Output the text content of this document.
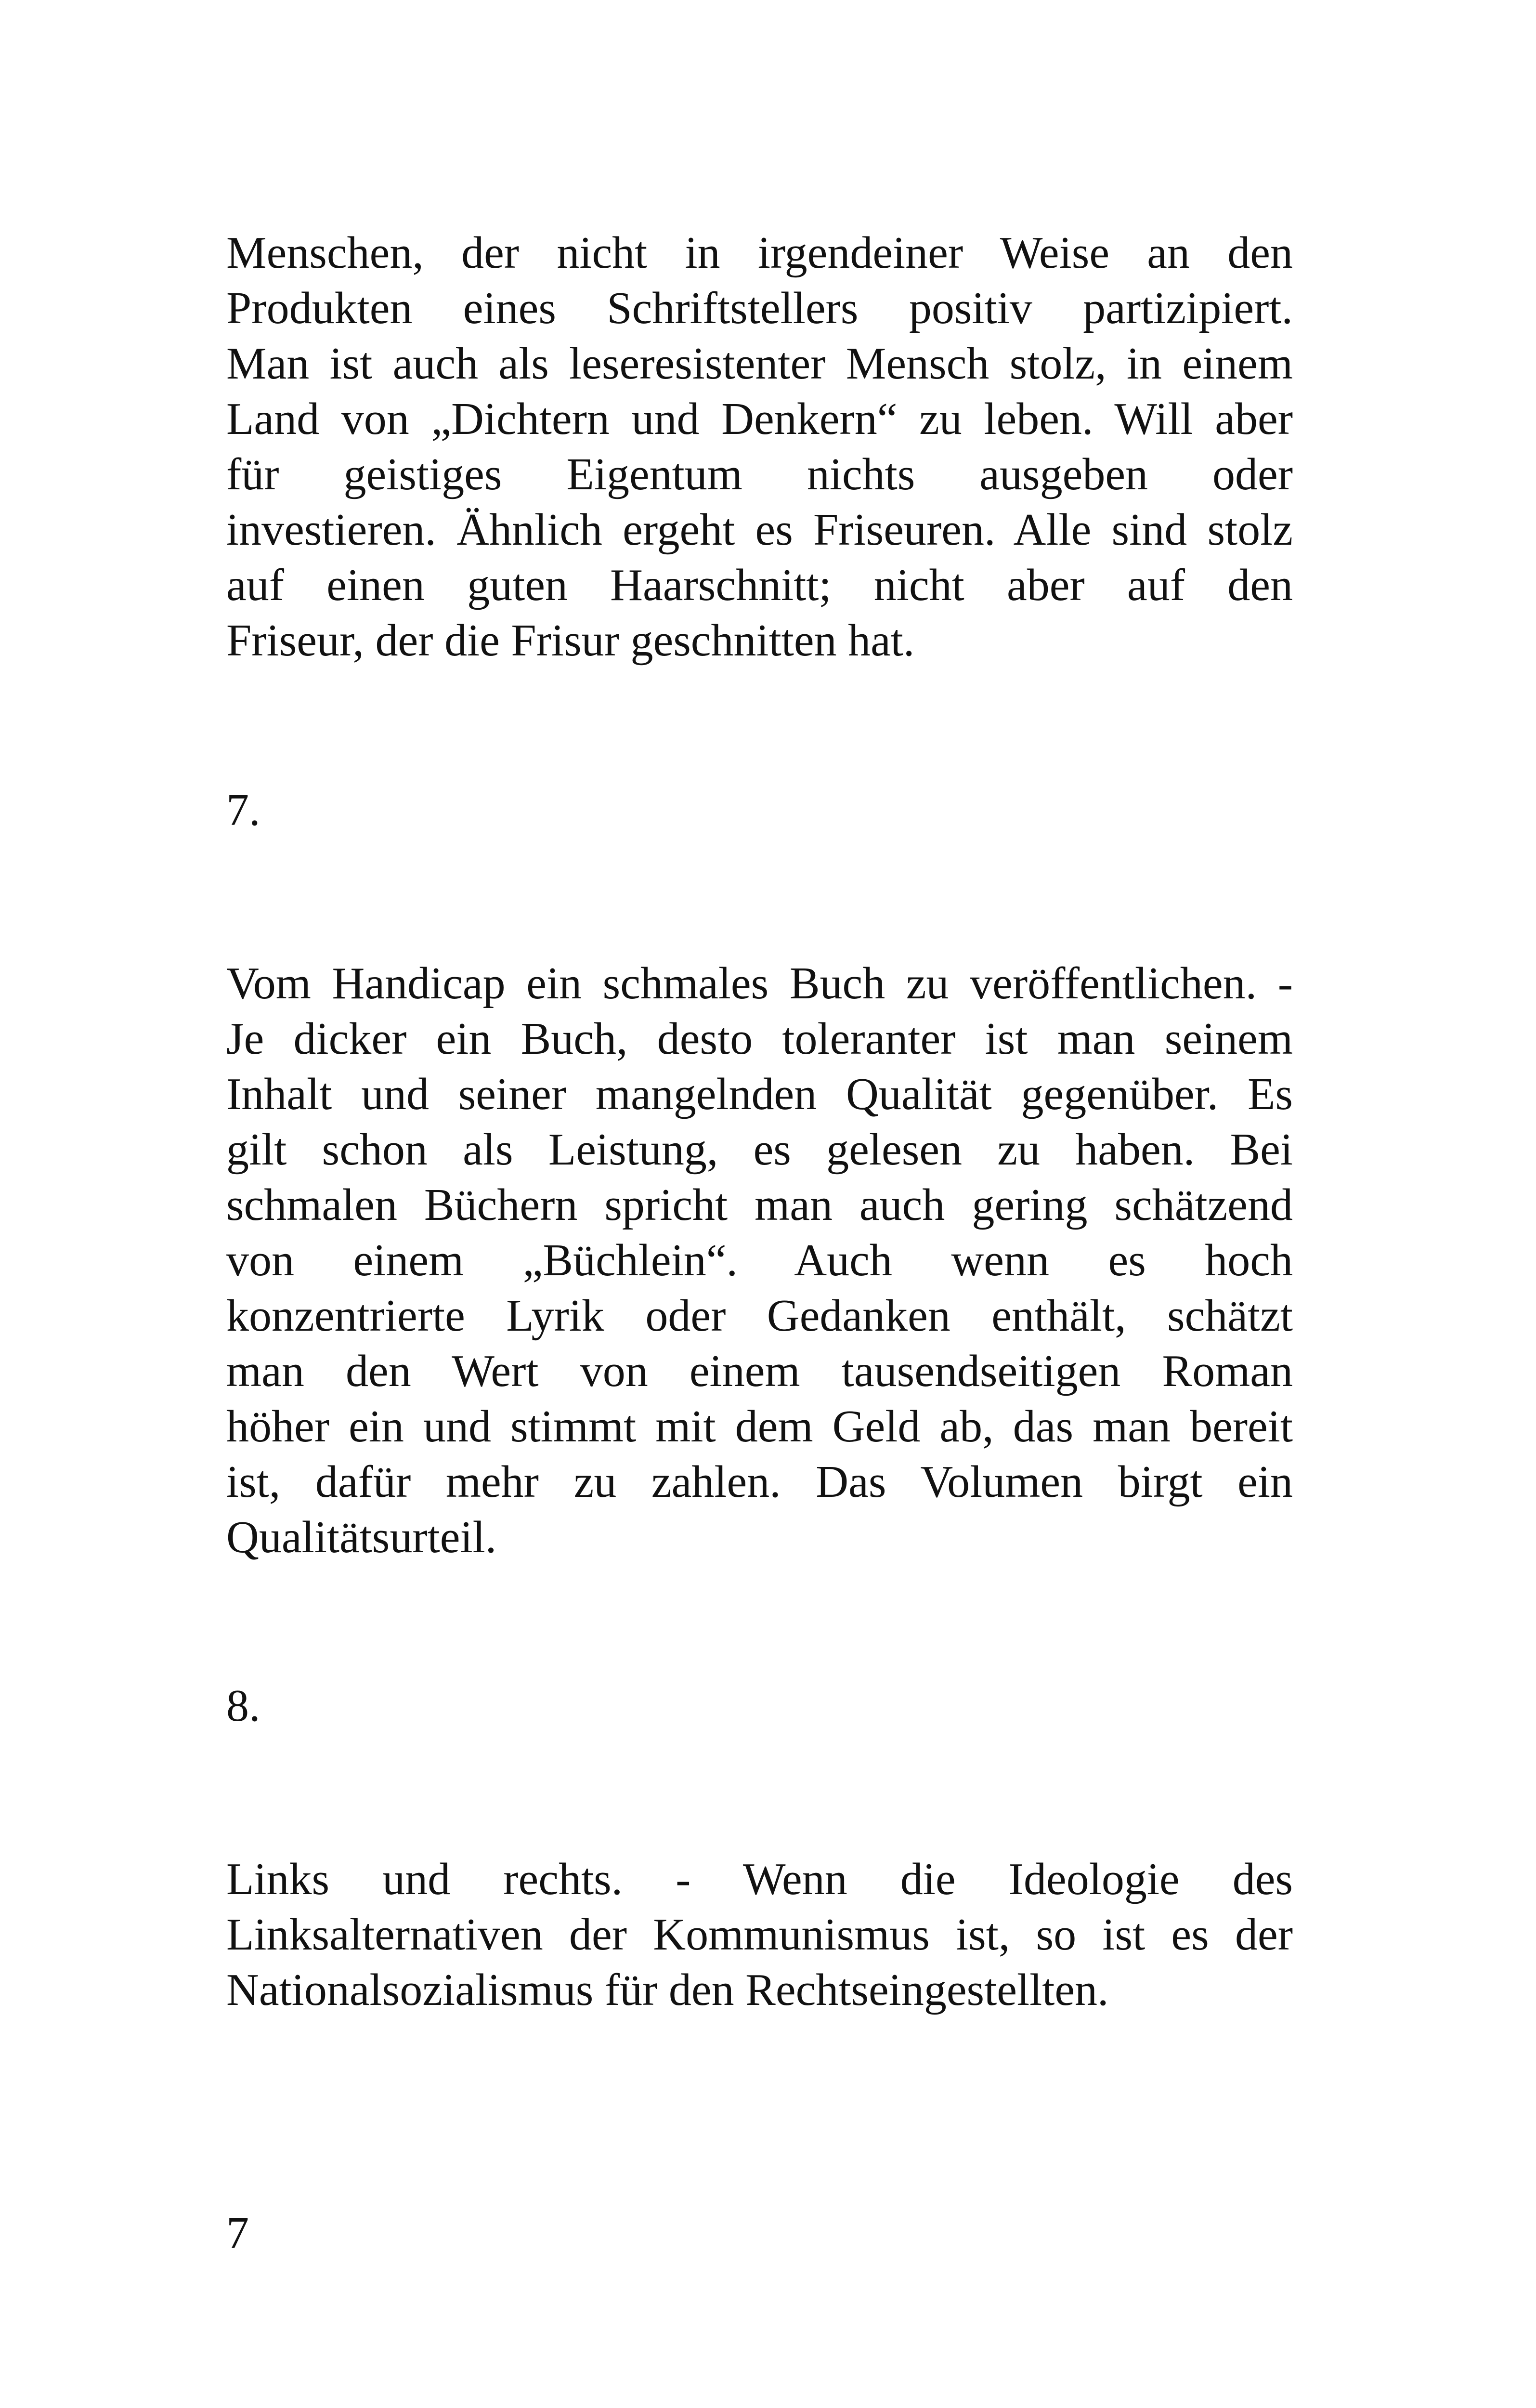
Menschen, der nicht in irgendeiner Weise an den
Produkten eines Schriftstellers positiv partizipiert.
Man ist auch als leseresistenter Mensch stolz, in einem
Land von „Dichtern und Denkern“ zu leben. Will aber
für geistiges Eigentum nichts ausgeben oder
investieren. Ähnlich ergeht es Friseuren. Alle sind stolz
auf einen guten Haarschnitt; nicht aber auf den
Friseur, der die Frisur geschnitten hat.

7.

Vom Handicap ein schmales Buch zu veröffentlichen. -
Je dicker ein Buch, desto toleranter ist man seinem
Inhalt und seiner mangelnden Qualität gegenüber. Es
gilt schon als Leistung, es gelesen zu haben. Bei
schmalen Büchern spricht man auch gering schätzend
von einem „Büchlein“. Auch wenn es hoch
konzentrierte Lyrik oder Gedanken enthält, schätzt
man den Wert von einem tausendseitigen Roman
höher ein und stimmt mit dem Geld ab, das man bereit
ist, dafür mehr zu zahlen. Das Volumen birgt ein
Qualitätsurteil.

8.

Links und rechts. - Wenn die Ideologie des
Linksalternativen der Kommunismus ist, so ist es der
Nationalsozialismus für den Rechtseingestellten.

7
